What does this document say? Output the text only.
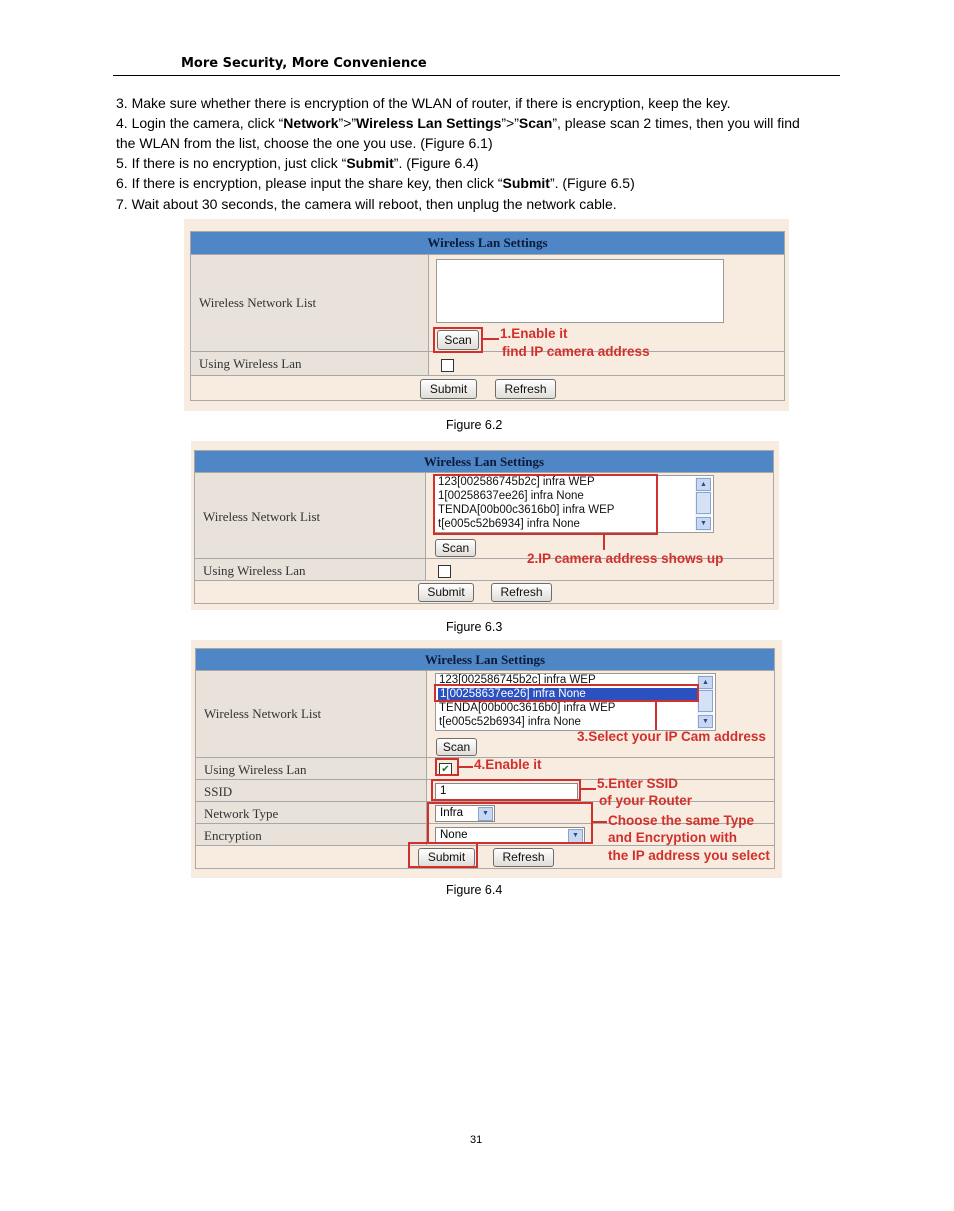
More Security, More Convenience
3. Make sure whether there is encryption of the WLAN of router, if there is encryption, keep the key.
4. Login the camera, click “Network”>”Wireless Lan Settings”>”Scan”, please scan 2 times, then you will find
the WLAN from the list, choose the one you use. (Figure 6.1)
5. If there is no encryption, just click “Submit”. (Figure 6.4)
6. If there is encryption, please input the share key, then click “Submit”. (Figure 6.5)
7. Wait about 30 seconds, the camera will reboot, then unplug the network cable.
Wireless Lan Settings
Wireless Network List
Scan
Using Wireless Lan
Submit	Refresh
1.Enable it
find IP camera address
Figure 6.2
Wireless Lan Settings
Wireless Network List
123[002586745b2c] infra WEP
1[00258637ee26] infra None
TENDA[00b00c3616b0] infra WEP
t[e005c52b6934] infra None
▲
▼
Scan
Using Wireless Lan
Submit	Refresh
2.IP camera address shows up
Figure 6.3
Wireless Lan Settings
Wireless Network List
123[002586745b2c] infra WEP
1[00258637ee26] infra None
TENDA[00b00c3616b0] infra WEP
t[e005c52b6934] infra None
▲
▼
Scan
Using Wireless Lan	✔
SSID	1
Network Type	Infra	▼
Encryption	None	▼
Submit	Refresh
3.Select your IP Cam address
4.Enable it
5.Enter SSID
of your Router
Choose the same Type
and Encryption with
the IP address you select
Figure 6.4
31
